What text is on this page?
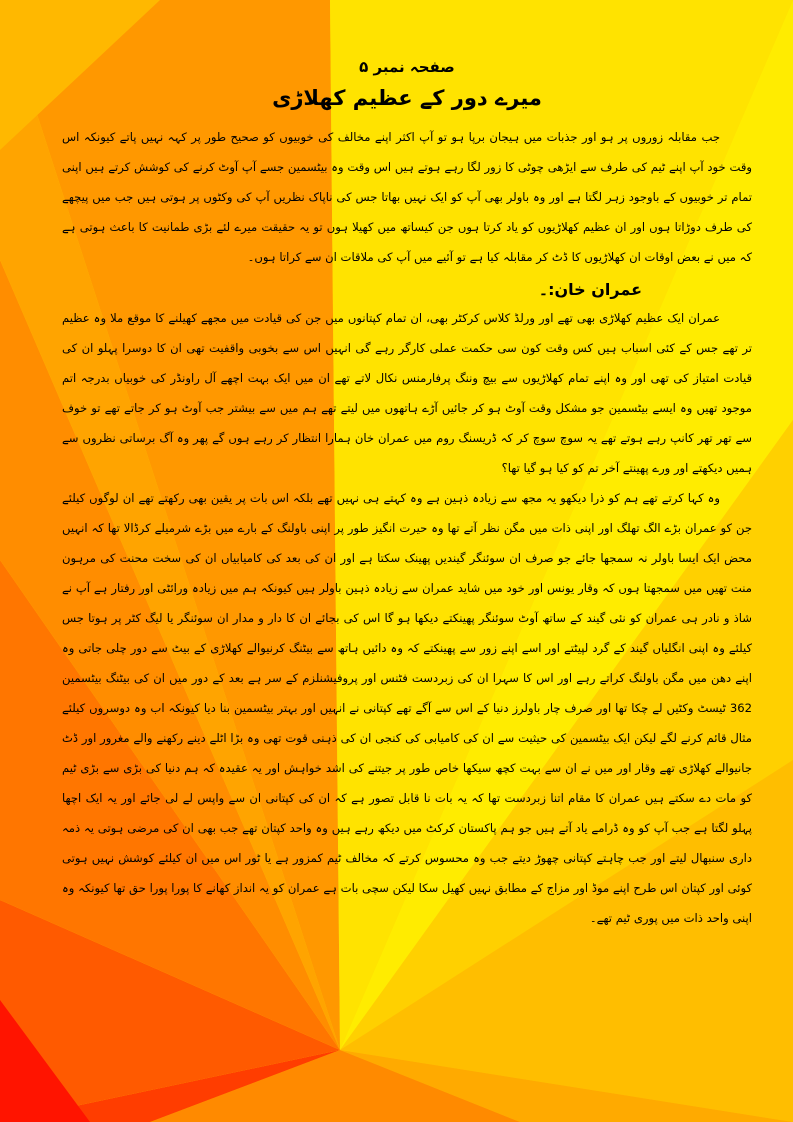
صفحہ نمبر ۵
میرے دور کے عظیم کھلاڑی

جب مقابلہ زوروں پر ہو اور جذبات میں ہیجان برپا ہو تو آپ اکثر اپنے مخالف کی خوبیوں کو صحیح طور پر کہہ نہیں پاتے کیونکہ اس وقت خود آپ اپنے ٹیم کی طرف سے ایڑھی چوٹی کا زور لگا رہے ہوتے ہیں اس وقت وہ بیٹسمین جسے آپ آوٹ کرنے کی کوشش کرتے ہیں اپنی تمام تر خوبیوں کے باوجود زہر لگتا ہے اور وہ باولر بھی آپ کو ایک نہیں بھاتا جس کی ناپاک نظریں آپ کی وکٹوں پر ہوتی ہیں جب میں پیچھے کی طرف دوڑاتا ہوں اور ان عظیم کھلاڑیوں کو یاد کرتا ہوں جن کیساتھ میں کھیلا ہوں تو یہ حقیقت میرے لئے بڑی طمانیت کا باعث ہوتی ہے کہ میں نے بعض اوقات ان کھلاڑیوں کا ڈٹ کر مقابلہ کیا ہے تو آئیے میں آپ کی ملاقات ان سے کراتا ہوں۔

عمران خان:۔

عمران ایک عظیم کھلاڑی بھی تھے اور ورلڈ کلاس کرکٹر بھی، ان تمام کپتانوں میں جن کی قیادت میں مجھے کھیلنے کا موقع ملا وہ عظیم تر تھے جس کے کئی اسباب ہیں کس وقت کون سی حکمت عملی کارگر رہے گی انہیں اس سے بخوبی واقفیت تھی ان کا دوسرا پہلو ان کی قیادت امتیاز کی تھی اور وہ اپنے تمام کھلاڑیوں سے بیچ وننگ پرفارمنس نکال لاتے تھے ان میں ایک بہت اچھے آل راونڈر کی خوبیاں بدرجہ اتم موجود تھیں وہ ایسے بیٹسمین جو مشکل وقت آوٹ ہو کر جائیں آڑے ہاتھوں میں لیتے تھے ہم میں سے بیشتر جب آوٹ ہو کر جاتے تھے تو خوف سے تھر تھر کانپ رہے ہوتے تھے یہ سوچ سوچ کر کہ ڈریسنگ روم میں عمران خان ہمارا انتظار کر رہے ہوں گے پھر وہ آگ برساتی نظروں سے ہمیں دیکھتے اور ورے پھینتے آخر تم کو کیا ہو گیا تھا؟

وہ کہا کرتے تھے ہم کو ذرا دیکھو یہ مجھ سے زیادہ ذہین ہے وہ کہتے ہی نہیں تھے بلکہ اس بات پر یقین بھی رکھتے تھے ان لوگوں کیلئے جن کو عمران بڑے الگ تھلگ اور اپنی ذات میں مگن نظر آتے تھا وہ حیرت انگیز طور پر اپنی باولنگ کے بارے میں بڑے شرمیلے کرڈالا تھا کہ انہیں محض ایک ایسا باولر نہ سمجھا جائے جو صرف ان سوئنگر گیندیں پھینک سکتا ہے اور ان کی بعد کی کامیابیاں ان کی سخت محنت کی مرہون منت تھیں میں سمجھتا ہوں کہ وقار یونس اور خود میں شاید عمران سے زیادہ ذہین باولر ہیں کیونکہ ہم میں زیادہ ورائٹی اور رفتار ہے آپ نے شاذ و نادر ہی عمران کو نئی گیند کے ساتھ آوٹ سوئنگر پھینکتے دیکھا ہو گا اس کی بجائے ان کا دار و مدار ان سوئنگر یا لیگ کٹر پر ہوتا جس کیلئے وہ اپنی انگلیاں گیند کے گرد لپیٹتے اور اسے اپنے زور سے پھینکتے کہ وہ دائیں ہاتھ سے بیٹنگ کرنیوالے کھلاڑی کے بیٹ سے دور چلی جاتی وہ اپنے دھن میں مگن باولنگ کراتے رہے اور اس کا سہرا ان کی زبردست فٹنس اور پروفیشنلزم کے سر ہے بعد کے دور میں ان کی بیٹنگ بیٹسمین 362 ٹیسٹ وکٹیں لے چکا تھا اور صرف چار باولرز دنیا کے اس سے آگے تھے کپتانی نے انہیں اور بہتر بیٹسمین بنا دیا کیونکہ اب وہ دوسروں کیلئے مثال قائم کرنے لگے لیکن ایک بیٹسمین کی حیثیت سے ان کی کامیابی کی کنجی ان کی ذہنی قوت تھی وہ بڑا اٹلے دینے رکھنے والے مغرور اور ڈٹ جانیوالے کھلاڑی تھے وقار اور میں نے ان سے بہت کچھ سیکھا خاص طور پر جیتنے کی اشد خواہش اور یہ عقیدہ کہ ہم دنیا کی بڑی سے بڑی ٹیم کو مات دے سکتے ہیں عمران کا مقام اتنا زبردست تھا کہ یہ بات نا قابل تصور ہے کہ ان کی کپتانی ان سے واپس لے لی جائے اور یہ ایک اچھا پہلو لگتا ہے جب آپ کو وہ ڈرامے یاد آتے ہیں جو ہم پاکستان کرکٹ میں دیکھ رہے ہیں وہ واحد کپتان تھے جب بھی ان کی مرضی ہوتی یہ ذمہ داری سنبھال لیتے اور جب چاہتے کپتانی چھوڑ دیتے جب وہ محسوس کرتے کہ مخالف ٹیم کمزور ہے یا ٹور اس میں ان کیلئے کوشش نہیں ہوتی کوئی اور کپتان اس طرح اپنے موڈ اور مزاج کے مطابق نہیں کھیل سکا لیکن سچی بات ہے عمران کو یہ انداز کھانے کا پورا پورا حق تھا کیونکہ وہ اپنی واحد ذات میں پوری ٹیم تھے۔
